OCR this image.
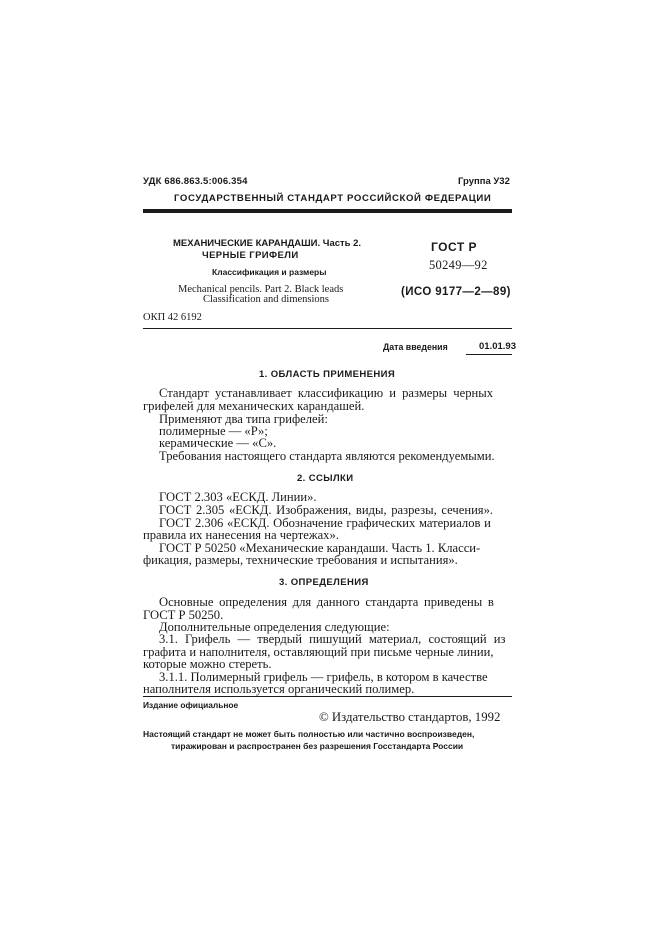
УДК 686.863.5:006.354	Группа У32
ГОСУДАРСТВЕННЫЙ СТАНДАРТ РОССИЙСКОЙ ФЕДЕРАЦИИ
МЕХАНИЧЕСКИЕ КАРАНДАШИ. Часть 2.
ЧЕРНЫЕ ГРИФЕЛИ
Классификация и размеры
Mechanical pencils. Part 2. Black leads
Classification and dimensions
ГОСТ Р
50249—92
(ИСО 9177—2—89)
ОКП 42 6192
Дата введения	01.01.93
1. ОБЛАСТЬ ПРИМЕНЕНИЯ
Стандарт устанавливает классификацию и размеры черных
грифелей для механических карандашей.
Применяют два типа грифелей:
полимерные — «Р»;
керамические — «С».
Требования настоящего стандарта являются рекомендуемыми.
2. ССЫЛКИ
ГОСТ 2.303 «ЕСКД. Линии».
ГОСТ 2.305 «ЕСКД. Изображения, виды, разрезы, сечения».
ГОСТ 2.306 «ЕСКД. Обозначение графических материалов и
правила их нанесения на чертежах».
ГОСТ Р 50250 «Механические карандаши. Часть 1. Класси-
фикация, размеры, технические требования и испытания».
3. ОПРЕДЕЛЕНИЯ
Основные определения для данного стандарта приведены в
ГОСТ Р 50250.
Дополнительные определения следующие:
3.1. Грифель — твердый пишущий материал, состоящий из
графита и наполнителя, оставляющий при письме черные линии,
которые можно стереть.
3.1.1. Полимерный грифель — грифель, в котором в качестве
наполнителя используется органический полимер.
Издание официальное
© Издательство стандартов, 1992
Настоящий стандарт не может быть полностью или частично воспроизведен,
тиражирован и распространен без разрешения Госстандарта России
